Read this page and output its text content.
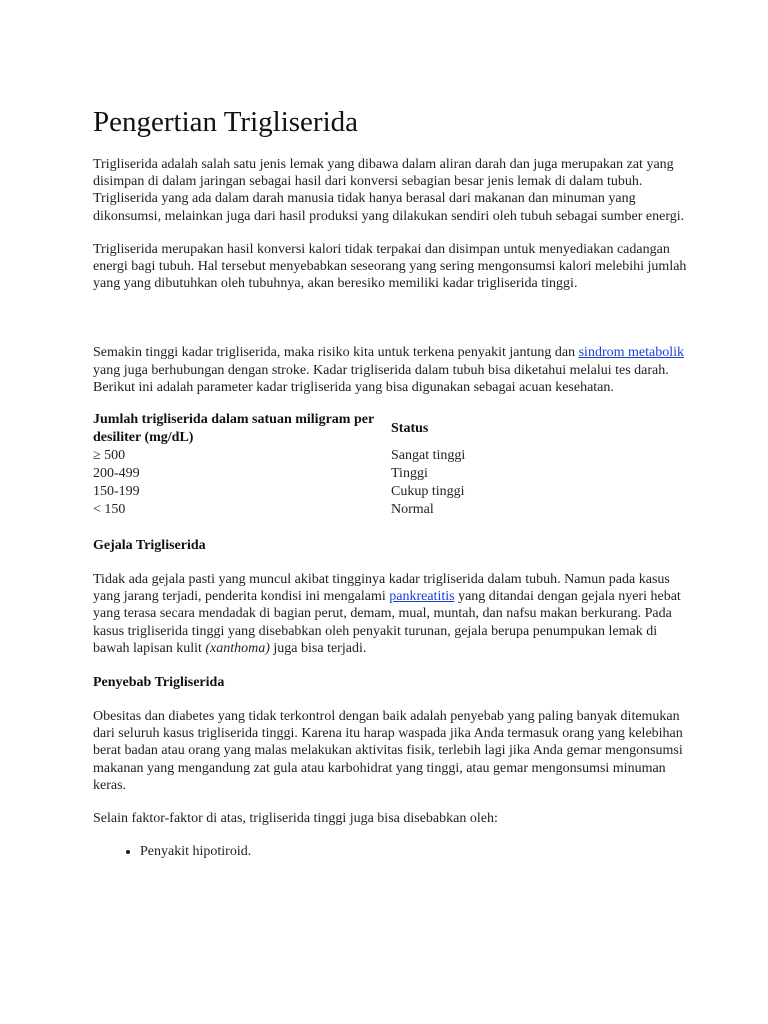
Pengertian Trigliserida

Trigliserida adalah salah satu jenis lemak yang dibawa dalam aliran darah dan juga merupakan zat yang disimpan di dalam jaringan sebagai hasil dari konversi sebagian besar jenis lemak di dalam tubuh. Trigliserida yang ada dalam darah manusia tidak hanya berasal dari makanan dan minuman yang dikonsumsi, melainkan juga dari hasil produksi yang dilakukan sendiri oleh tubuh sebagai sumber energi.

Trigliserida merupakan hasil konversi kalori tidak terpakai dan disimpan untuk menyediakan cadangan energi bagi tubuh. Hal tersebut menyebabkan seseorang yang sering mengonsumsi kalori melebihi jumlah yang yang dibutuhkan oleh tubuhnya, akan beresiko memiliki kadar trigliserida tinggi.

Semakin tinggi kadar trigliserida, maka risiko kita untuk terkena penyakit jantung dan sindrom metabolik yang juga berhubungan dengan stroke. Kadar trigliserida dalam tubuh bisa diketahui melalui tes darah. Berikut ini adalah parameter kadar trigliserida yang bisa digunakan sebagai acuan kesehatan.

Jumlah trigliserida dalam satuan miligram per desiliter (mg/dL)	Status
≥ 500	Sangat tinggi
200-499	Tinggi
150-199	Cukup tinggi
< 150	Normal
Gejala Trigliserida

Tidak ada gejala pasti yang muncul akibat tingginya kadar trigliserida dalam tubuh. Namun pada kasus yang jarang terjadi, penderita kondisi ini mengalami pankreatitis yang ditandai dengan gejala nyeri hebat yang terasa secara mendadak di bagian perut, demam, mual, muntah, dan nafsu makan berkurang. Pada kasus trigliserida tinggi yang disebabkan oleh penyakit turunan, gejala berupa penumpukan lemak di bawah lapisan kulit (xanthoma) juga bisa terjadi.

Penyebab Trigliserida

Obesitas dan diabetes yang tidak terkontrol dengan baik adalah penyebab yang paling banyak ditemukan dari seluruh kasus trigliserida tinggi. Karena itu harap waspada jika Anda termasuk orang yang kelebihan berat badan atau orang yang malas melakukan aktivitas fisik, terlebih lagi jika Anda gemar mengonsumsi makanan yang mengandung zat gula atau karbohidrat yang tinggi, atau gemar mengonsumsi minuman keras.

Selain faktor-faktor di atas, trigliserida tinggi juga bisa disebabkan oleh:

• Penyakit hipotiroid.
